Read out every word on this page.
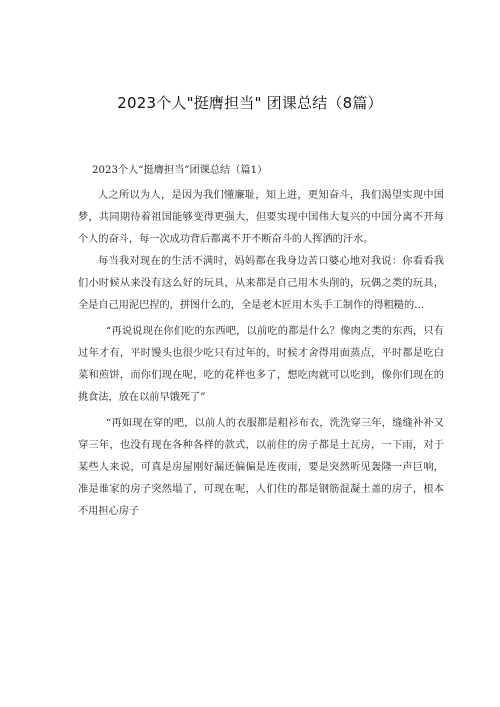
2023个人"挺膺担当" 团课总结（8篇）

2023个人“挺膺担当”团课总结（篇1）

人之所以为人，是因为我们懂廉耻，知上进，更知奋斗，我们渴望实现中国梦，共同期待着祖国能够变得更强大，但要实现中国伟大复兴的中国分离不开每个人的奋斗，每一次成功背后都离不开不断奋斗的人挥洒的汗水。

每当我对现在的生活不满时，妈妈都在我身边苦口婆心地对我说：你看看我们小时候从来没有这么好的玩具，从来都是自己用木头削的，玩偶之类的玩具，全是自己用泥巴捏的，拼图什么的，全是老木匠用木头手工制作的得粗糙的…

“再说说现在你们吃的东西吧，以前吃的都是什么？像肉之类的东西，只有过年才有，平时馒头也很少吃只有过年的，时候才舍得用面蒸点，平时都是吃白菜和煎饼，而你们现在呢，吃的花样也多了，想吃肉就可以吃到，像你们现在的挑食法，放在以前早饿死了”

“再如现在穿的吧，以前人的衣服都是粗衫布衣，洗洗穿三年，缝缝补补又穿三年，也没有现在各种各样的款式，以前住的房子都是土瓦房，一下雨，对于某些人来说，可真是房屋刚好漏还偏偏是连夜雨，要是突然听见轰隆一声巨响，准是谁家的房子突然塌了，可现在呢，人们住的都是钢筋混凝土盖的房子，根本不用担心房子
